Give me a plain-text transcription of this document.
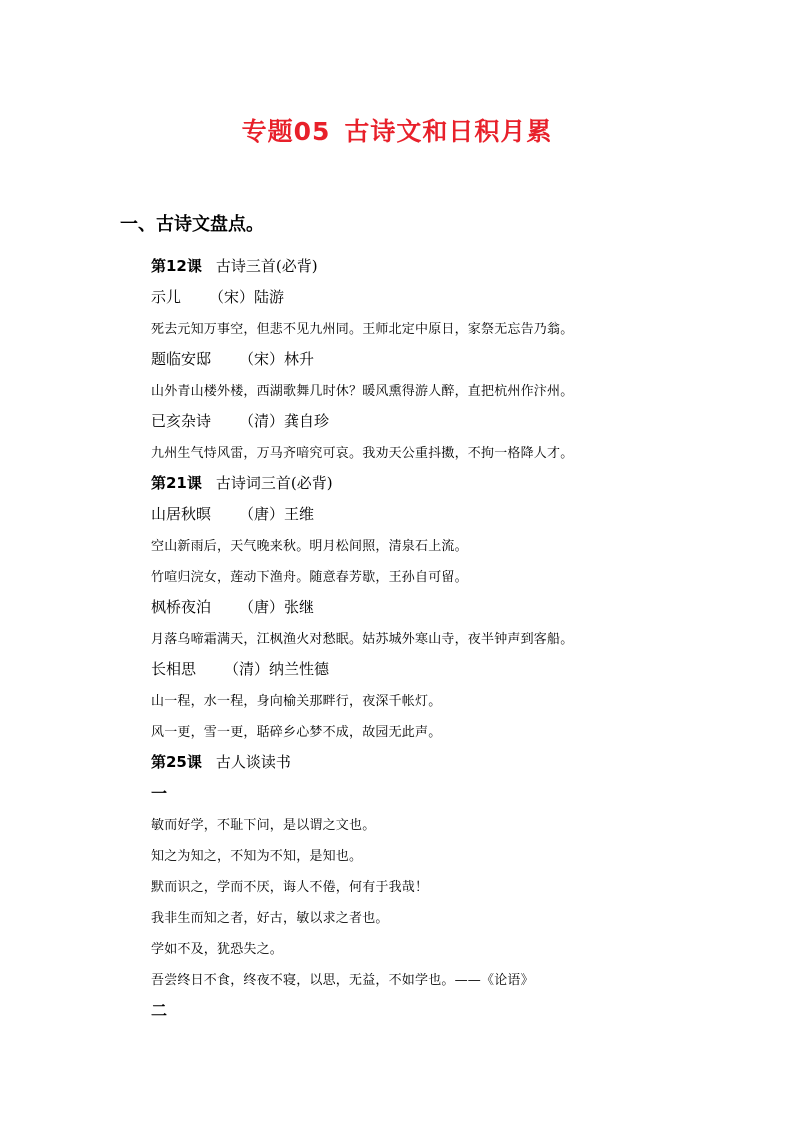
专题05 古诗文和日积月累
一、古诗文盘点。
第12课 古诗三首(必背)
示儿 （宋）陆游
死去元知万事空，但悲不见九州同。王师北定中原日，家祭无忘告乃翁。
题临安邸 （宋）林升
山外青山楼外楼，西湖歌舞几时休？暖风熏得游人醉，直把杭州作汴州。
已亥杂诗 （清）龚自珍
九州生气恃风雷，万马齐喑究可哀。我劝天公重抖擞，不拘一格降人才。
第21课 古诗词三首(必背)
山居秋暝 （唐）王维
空山新雨后，天气晚来秋。明月松间照，清泉石上流。
竹喧归浣女，莲动下渔舟。随意春芳歇，王孙自可留。
枫桥夜泊 （唐）张继
月落乌啼霜满天，江枫渔火对愁眠。姑苏城外寒山寺，夜半钟声到客船。
长相思 （清）纳兰性德
山一程，水一程，身向榆关那畔行，夜深千帐灯。
风一更，雪一更，聒碎乡心梦不成，故园无此声。
第25课 古人谈读书
一
敏而好学，不耻下问，是以谓之文也。
知之为知之，不知为不知，是知也。
默而识之，学而不厌，诲人不倦，何有于我哉！
我非生而知之者，好古，敏以求之者也。
学如不及，犹恐失之。
吾尝终日不食，终夜不寝，以思，无益，不如学也。——《论语》
二
